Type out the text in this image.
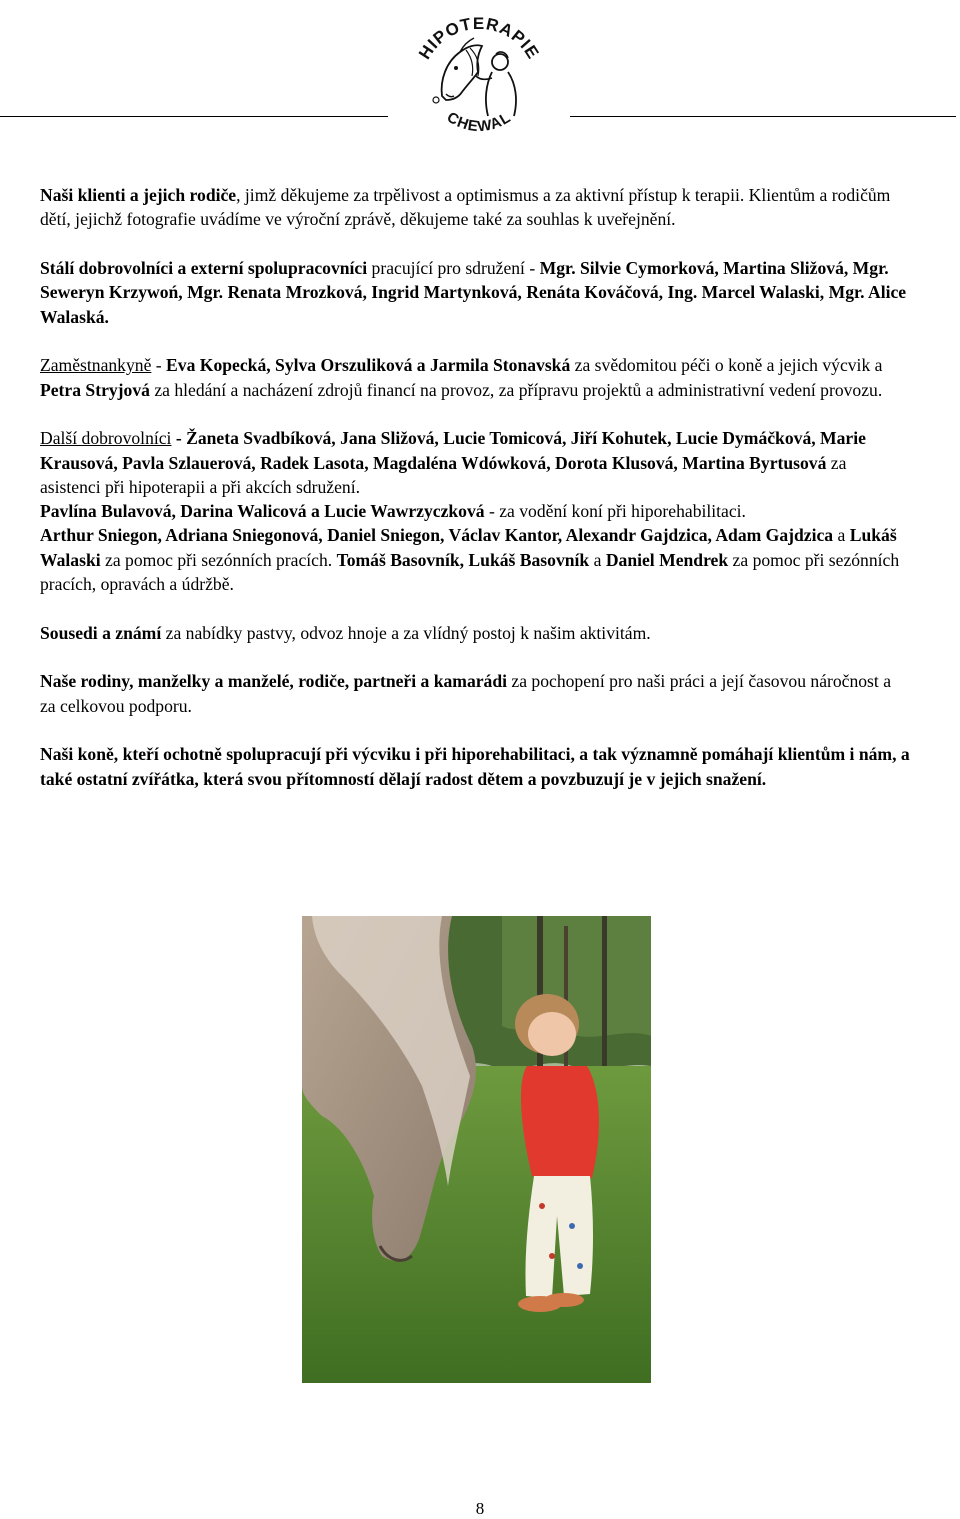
HIPOTERAPIE
CHEWAL

Naši klienti a jejich rodiče, jimž děkujeme za trpělivost a optimismus a za aktivní přístup k terapii. Klientům a rodičům dětí, jejichž fotografie uvádíme ve výroční zprávě, děkujeme také za souhlas k uveřejnění.

Stálí dobrovolníci a externí spolupracovníci pracující pro sdružení - Mgr. Silvie Cymorková, Martina Sližová, Mgr. Seweryn Krzywoń, Mgr. Renata Mrozková, Ingrid Martynková, Renáta Kováčová, Ing. Marcel Walaski, Mgr. Alice Walaská.

Zaměstnankyně - Eva Kopecká, Sylva Orszuliková a Jarmila Stonavská za svědomitou péči o koně a jejich výcvik a Petra Stryjová za hledání a nacházení zdrojů financí na provoz, za přípravu projektů a administrativní vedení provozu.

Další dobrovolníci - Žaneta Svadbíková, Jana Sližová, Lucie Tomicová, Jiří Kohutek, Lucie Dymáčková, Marie Krausová, Pavla Szlauerová, Radek Lasota, Magdaléna Wdówková, Dorota Klusová, Martina Byrtusová za asistenci při hipoterapii a při akcích sdružení.

Pavlína Bulavová, Darina Walicová a Lucie Wawrzyczková - za vodění koní při hiporehabilitaci.

Arthur Sniegon, Adriana Sniegonová, Daniel Sniegon, Václav Kantor, Alexandr Gajdzica, Adam Gajdzica a Lukáš Walaski za pomoc při sezónních pracích. Tomáš Basovník, Lukáš Basovník a Daniel Mendrek za pomoc při sezónních pracích, opravách a údržbě.

Sousedi a známí za nabídky pastvy, odvoz hnoje a za vlídný postoj k našim aktivitám.

Naše rodiny, manželky a manželé, rodiče, partneři a kamarádi za pochopení pro naši práci a její časovou náročnost a za celkovou podporu.

Naši koně, kteří ochotně spolupracují při výcviku i při hiporehabilitaci, a tak významně pomáhají klientům i nám, a také ostatní zvířátka, která svou přítomností dělají radost dětem a povzbuzují je v jejich snažení.

8
